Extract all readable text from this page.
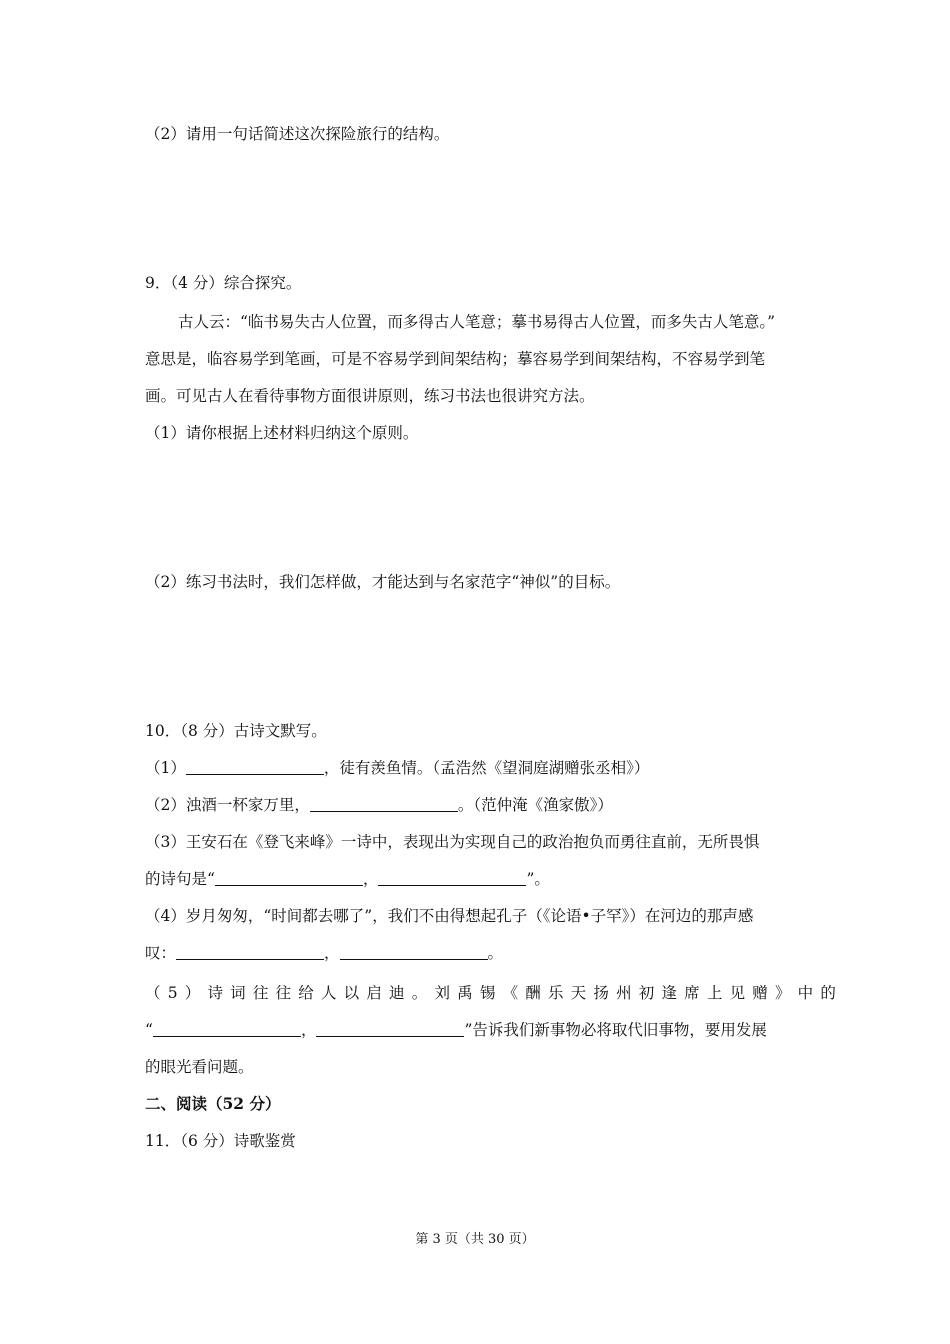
（2）请用一句话简述这次探险旅行的结构。
9．（4 分）综合探究。
古人云：“临书易失古人位置，而多得古人笔意；摹书易得古人位置，而多失古人笔意。”
意思是，临容易学到笔画，可是不容易学到间架结构；摹容易学到间架结构，不容易学到笔
画。可见古人在看待事物方面很讲原则，练习书法也很讲究方法。
（1）请你根据上述材料归纳这个原则。
（2）练习书法时，我们怎样做，才能达到与名家范字“神似”的目标。
10．（8 分）古诗文默写。
（1）	，徒有羡鱼情。（孟浩然《望洞庭湖赠张丞相》）
（2）浊酒一杯家万里，	。（范仲淹《渔家傲》）
（3）王安石在《登飞来峰》一诗中，表现出为实现自己的政治抱负而勇往直前，无所畏惧
的诗句是“	，	”。
（4）岁月匆匆，“时间都去哪了”，我们不由得想起孔子（《论语•子罕》）在河边的那声感
叹：	，	。
（5）诗词往往给人以启迪。刘禹锡《酬乐天扬州初逢席上见赠》中的
“	，	”告诉我们新事物必将取代旧事物，要用发展
的眼光看问题。
二、阅读（52 分）
11．（6 分）诗歌鉴赏
第 3 页（共 30 页）
